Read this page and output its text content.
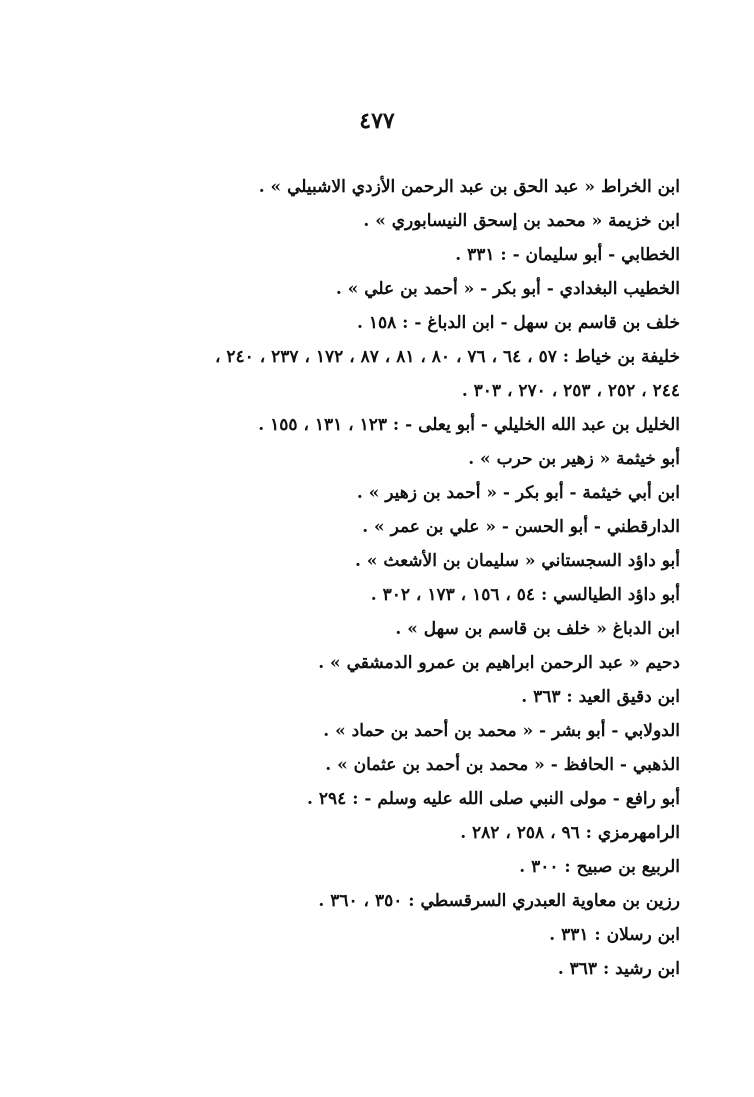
٤٧٧
ابن الخراط « عبد الحق بن عبد الرحمن الأزدي الاشبيلي » .
ابن خزيمة « محمد بن إسحق النيسابوري » .
الخطابي - أبو سليمان - : ٣٣١ .
الخطيب البغدادي - أبو بكر - « أحمد بن علي » .
خلف بن قاسم بن سهل - ابن الدباغ - : ١٥٨ .
خليفة بن خياط : ٥٧ ، ٦٤ ، ٧٦ ، ٨٠ ، ٨١ ، ٨٧ ، ١٧٢ ، ٢٣٧ ، ٢٤٠ ،
٢٤٤ ، ٢٥٢ ، ٢٥٣ ، ٢٧٠ ، ٣٠٣ .
الخليل بن عبد الله الخليلي - أبو يعلى - : ١٢٣ ، ١٣١ ، ١٥٥ .
أبو خيثمة « زهير بن حرب » .
ابن أبي خيثمة - أبو بكر - « أحمد بن زهير » .
الدارقطني - أبو الحسن - « علي بن عمر » .
أبو داؤد السجستاني « سليمان بن الأشعث » .
أبو داؤد الطيالسي : ٥٤ ، ١٥٦ ، ١٧٣ ، ٣٠٢ .
ابن الدباغ « خلف بن قاسم بن سهل » .
دحيم « عبد الرحمن ابراهيم بن عمرو الدمشقي » .
ابن دقيق العيد : ٣٦٣ .
الدولابي - أبو بشر - « محمد بن أحمد بن حماد » .
الذهبي - الحافظ - « محمد بن أحمد بن عثمان » .
أبو رافع - مولى النبي صلى الله عليه وسلم - : ٢٩٤ .
الرامهرمزي : ٩٦ ، ٢٥٨ ، ٢٨٢ .
الربيع بن صبيح : ٣٠٠ .
رزين بن معاوية العبدري السرقسطي : ٣٥٠ ، ٣٦٠ .
ابن رسلان : ٣٣١ .
ابن رشيد : ٣٦٣ .
